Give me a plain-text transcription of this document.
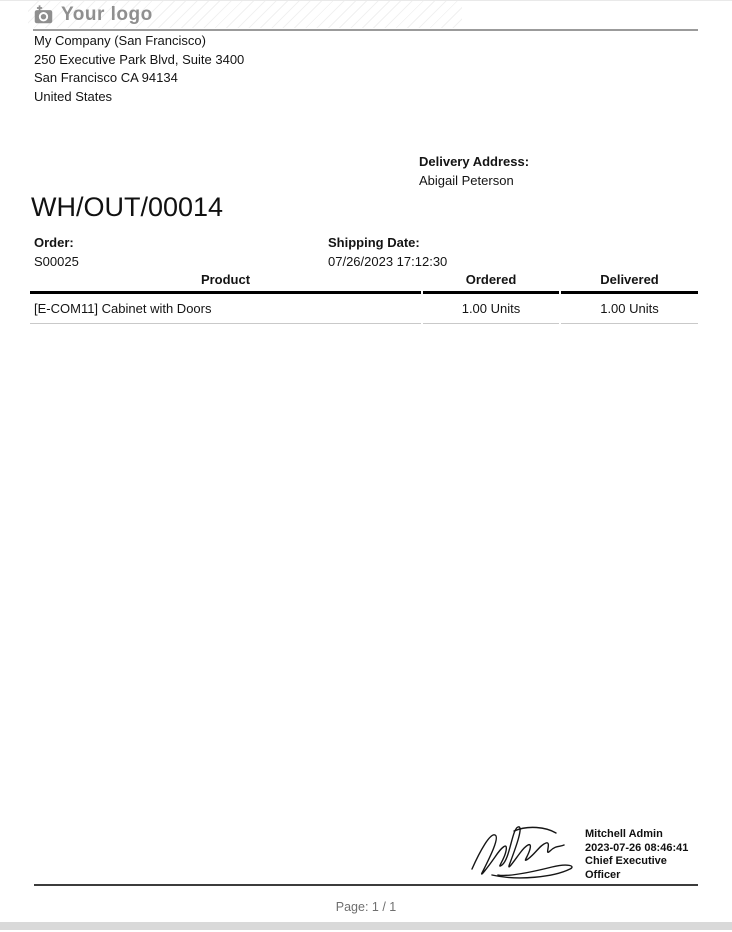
Your logo
My Company (San Francisco)
250 Executive Park Blvd, Suite 3400
San Francisco CA 94134
United States
Delivery Address:
Abigail Peterson
WH/OUT/00014
Order:
S00025
Shipping Date:
07/26/2023 17:12:30
Product	Ordered	Delivered
[E-COM11] Cabinet with Doors	1.00 Units	1.00 Units
Mitchell Admin
2023-07-26 08:46:41
Chief Executive Officer
Page: 1 / 1
